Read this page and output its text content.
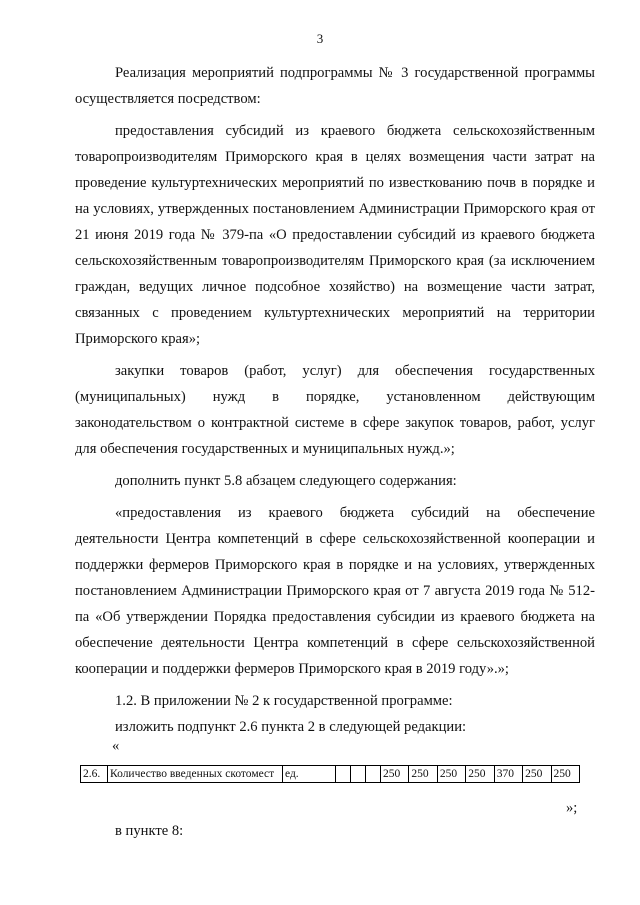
3

Реализация мероприятий подпрограммы № 3 государственной программы осуществляется посредством:

предоставления субсидий из краевого бюджета сельскохозяйственным товаропроизводителям Приморского края в целях возмещения части затрат на проведение культуртехнических мероприятий по известкованию почв в порядке и на условиях, утвержденных постановлением Администрации Приморского края от 21 июня 2019 года № 379-па «О предоставлении субсидий из краевого бюджета сельскохозяйственным товаропроизводителям Приморского края (за исключением граждан, ведущих личное подсобное хозяйство) на возмещение части затрат, связанных с проведением культуртехнических мероприятий на территории Приморского края»;

закупки товаров (работ, услуг) для обеспечения государственных (муниципальных) нужд в порядке, установленном действующим законодательством о контрактной системе в сфере закупок товаров, работ, услуг для обеспечения государственных и муниципальных нужд.»;

дополнить пункт 5.8 абзацем следующего содержания:

«предоставления из краевого бюджета субсидий на обеспечение деятельности Центра компетенций в сфере сельскохозяйственной кооперации и поддержки фермеров Приморского края в порядке и на условиях, утвержденных постановлением Администрации Приморского края от 7 августа 2019 года № 512-па «Об утверждении Порядка предоставления субсидии из краевого бюджета на обеспечение деятельности Центра компетенций в сфере сельскохозяйственной кооперации и поддержки фермеров Приморского края в 2019 году».»;

1.2. В приложении № 2 к государственной программе:

изложить подпункт 2.6 пункта 2 в следующей редакции:

«
2.6.	Количество введенных скотомест	ед.				250	250	250	250	370	250	250
»;
в пункте 8:
